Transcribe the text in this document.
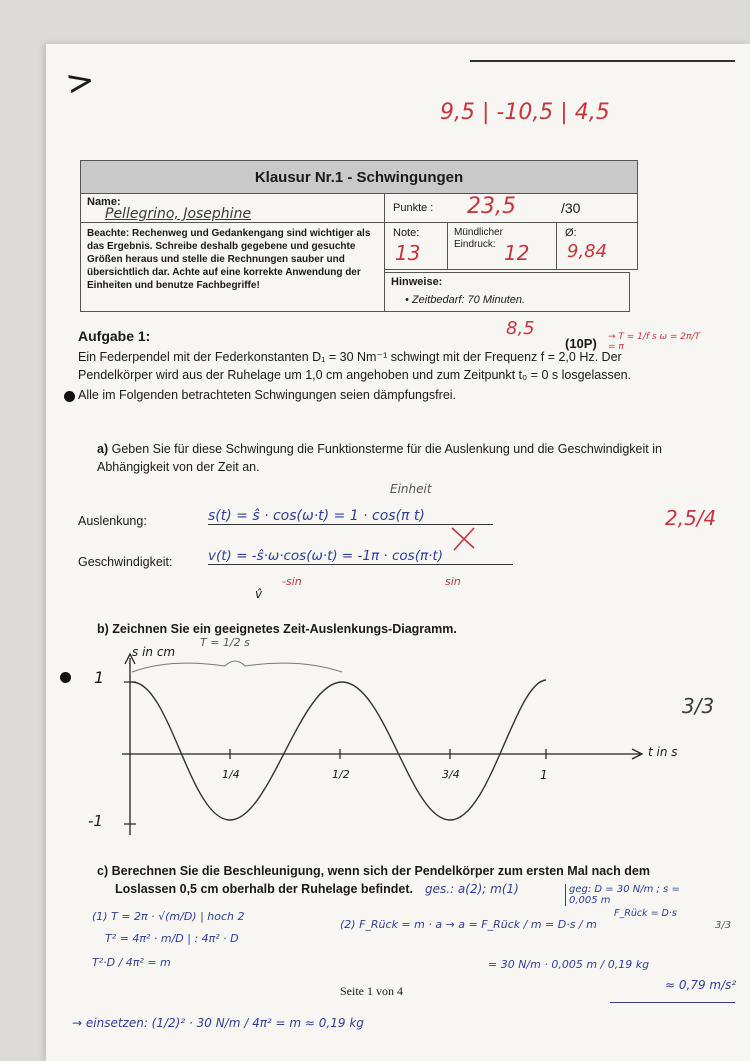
>
9,5 | -10,5 | 4,5
Klausur Nr.1 - Schwingungen
Name:
Pellegrino, Josephine
Beachte: Rechenweg und Gedankengang sind wichtiger als das Ergebnis. Schreibe deshalb gegebene und gesuchte Größen heraus und stelle die Rechnungen sauber und übersichtlich dar. Achte auf eine korrekte Anwendung der Einheiten und benutze Fachbegriffe!
Punkte : 23,5	/30
Note:
13
Mündlicher
Eindruck: 12
Ø:
9,84
Hinweise:
• Zeitbedarf: 70 Minuten.
Aufgabe 1:	8,5
(10P) → T = 1/f s ω = 2π/T = π
Ein Federpendel mit der Federkonstanten D₁ = 30 Nm⁻¹ schwingt mit der Frequenz f = 2,0 Hz. Der
Pendelkörper wird aus der Ruhelage um 1,0 cm angehoben und zum Zeitpunkt t₀ = 0 s losgelassen.
Alle im Folgenden betrachteten Schwingungen seien dämpfungsfrei.
a) Geben Sie für diese Schwingung die Funktionsterme für die Auslenkung und die Geschwindigkeit in Abhängigkeit von der Zeit an.
Einheit
Auslenkung:	s(t) = ŝ · cos(ω·t) = 1 · cos(π t)
Geschwindigkeit:	v(t) = -ŝ·ω·cos(ω·t) = -1π · cos(π·t)
-sin	sin
v̂
2,5/4
b) Zeichnen Sie ein geeignetes Zeit-Auslenkungs-Diagramm.
T = 1/2 s
s in cm
t in s
1
-1
1/4	1/2	3/4	1
3/3
c) Berechnen Sie die Beschleunigung, wenn sich der Pendelkörper zum ersten Mal nach dem
Loslassen 0,5 cm oberhalb der Ruhelage befindet. ges.: a(2); m(1)	geg: D = 30 N/m ; s = 0,005 m
F_Rück = D·s
(1) T = 2π · √(m/D) | hoch 2
T² = 4π² · m/D | : 4π² · D
T²·D / 4π² = m
→ einsetzen: (1/2)² · 30 N/m / 4π² = m ≈ 0,19 kg
(2) F_Rück = m · a → a = F_Rück / m = D·s / m
= 30 N/m · 0,005 m / 0,19 kg
≈ 0,79 m/s²
3/3
Seite 1 von 4
